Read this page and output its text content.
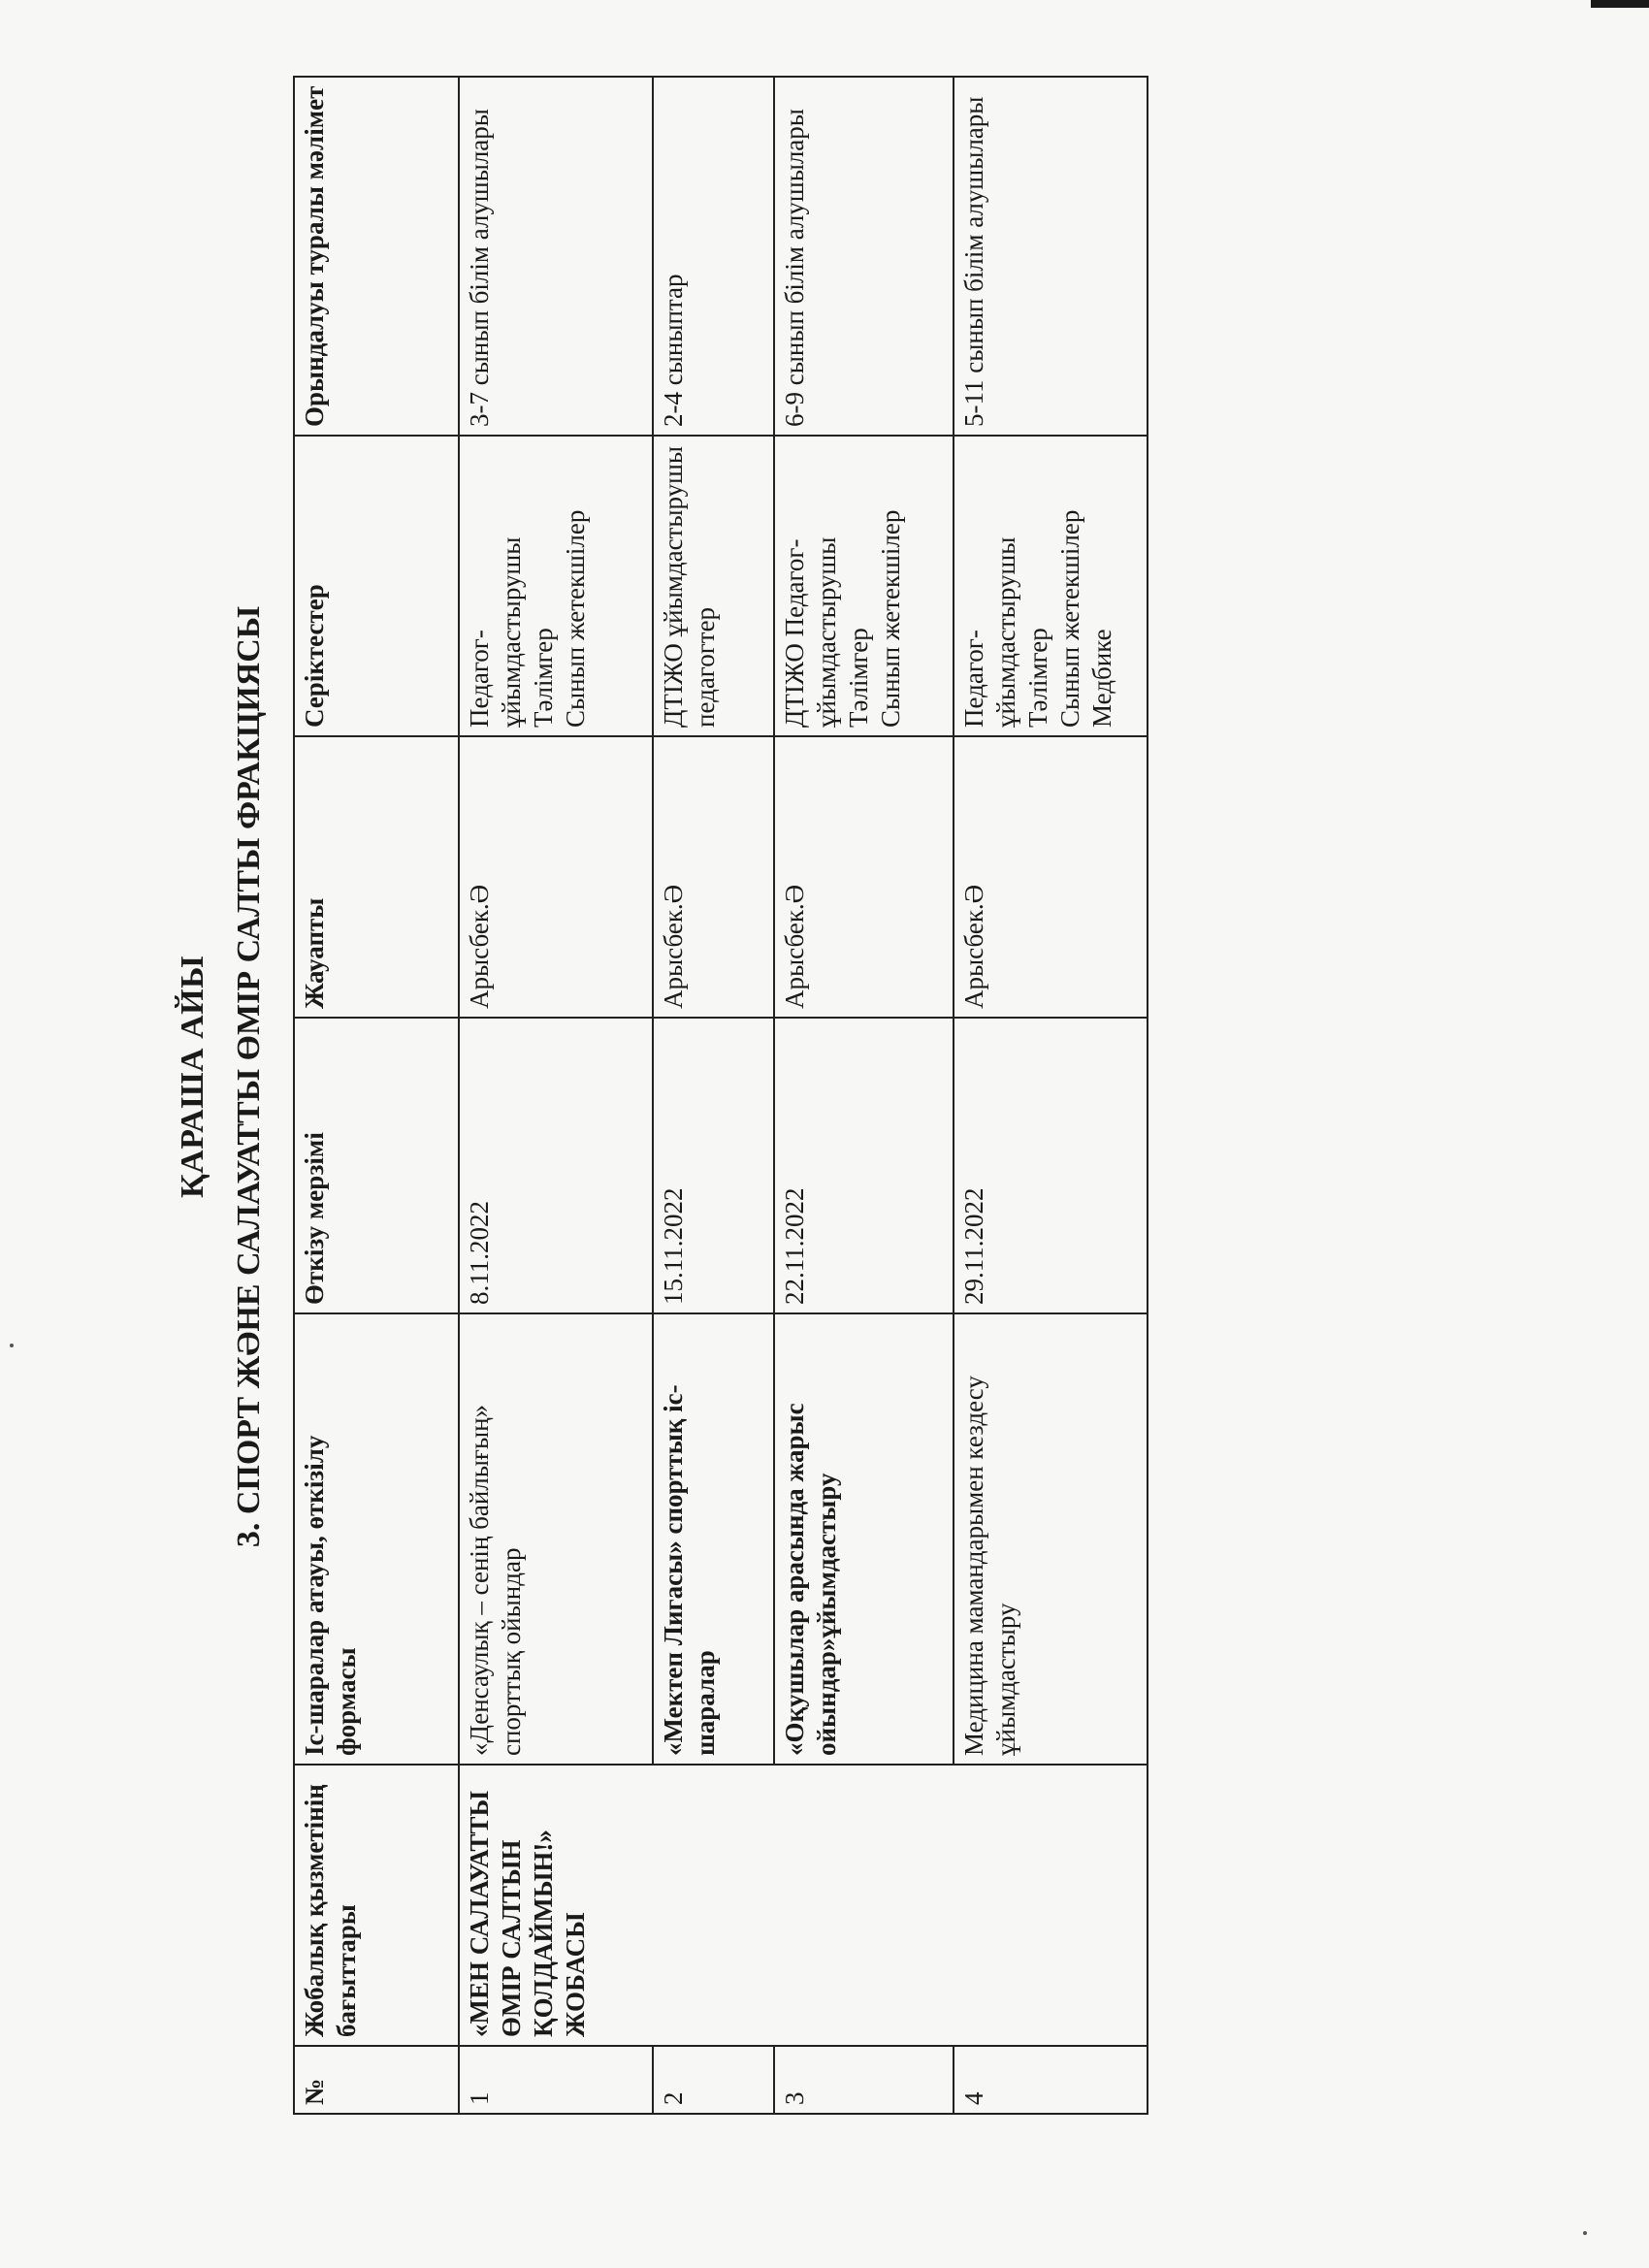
ҚАРАША АЙЫ 3. СПОРТ ЖӘНЕ САЛАУАТТЫ ӨМІР САЛТЫ ФРАКЦИЯСЫ
№	Жобалық қызметінің бағыттары	Іс-шаралар атауы, өткізілу формасы	Өткізу мерзімі	Жауапты	Серіктестер	Орындалуы туралы мәлімет
1	«МЕН САЛАУАТТЫ ӨМІР САЛТЫН ҚОЛДАЙМЫН!» ЖОБАСЫ	«Денсаулық – сенің байлығың» спорттық ойындар	8.11.2022	Арысбек.Ә	Педагог-ұйымдастырушы Тәлімгер Сынып жетекшілер	3-7 сынып білім алушылары
2		«Мектеп Лигасы» спорттық іс-шаралар	15.11.2022	Арысбек.Ә	ДТІЖО ұйымдастырушы педагогтер	2-4 сыныптар
3		«Оқушылар арасында жарыс ойындар»ұйымдастыру	22.11.2022	Арысбек.Ә	ДТІЖО Педагог-ұйымдастырушы Тәлімгер Сынып жетекшілер	6-9 сынып білім алушылары
4		Медицина мамандарымен кездесу ұйымдастыру	29.11.2022	Арысбек.Ә	Педагог-ұйымдастырушы Тәлімгер Сынып жетекшілер Медбике	5-11 сынып білім алушылары
